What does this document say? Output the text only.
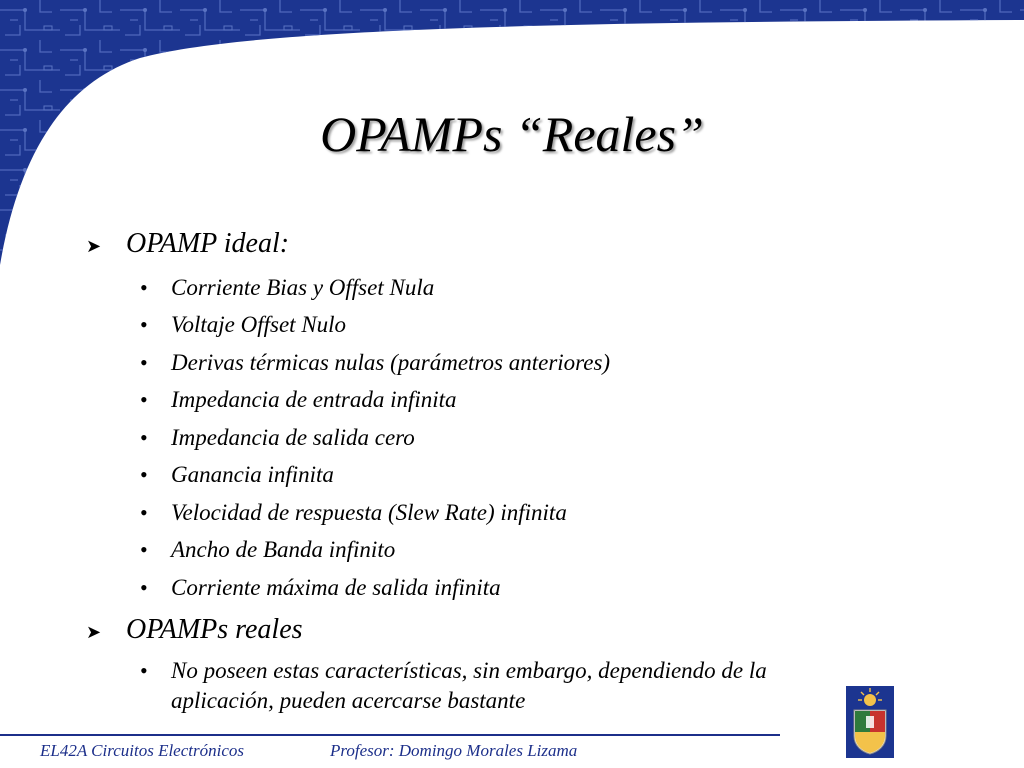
OPAMPs “Reales”
➤ OPAMP ideal:
• Corriente Bias y Offset Nula
• Voltaje Offset Nulo
• Derivas térmicas nulas (parámetros anteriores)
• Impedancia de entrada infinita
• Impedancia de salida cero
• Ganancia infinita
• Velocidad de respuesta (Slew Rate) infinita
• Ancho de Banda infinito
• Corriente máxima de salida infinita
➤ OPAMPs reales
• No poseen estas características, sin embargo, dependiendo de la
aplicación, pueden acercarse bastante
EL42A Circuitos Electrónicos	Profesor: Domingo Morales Lizama
